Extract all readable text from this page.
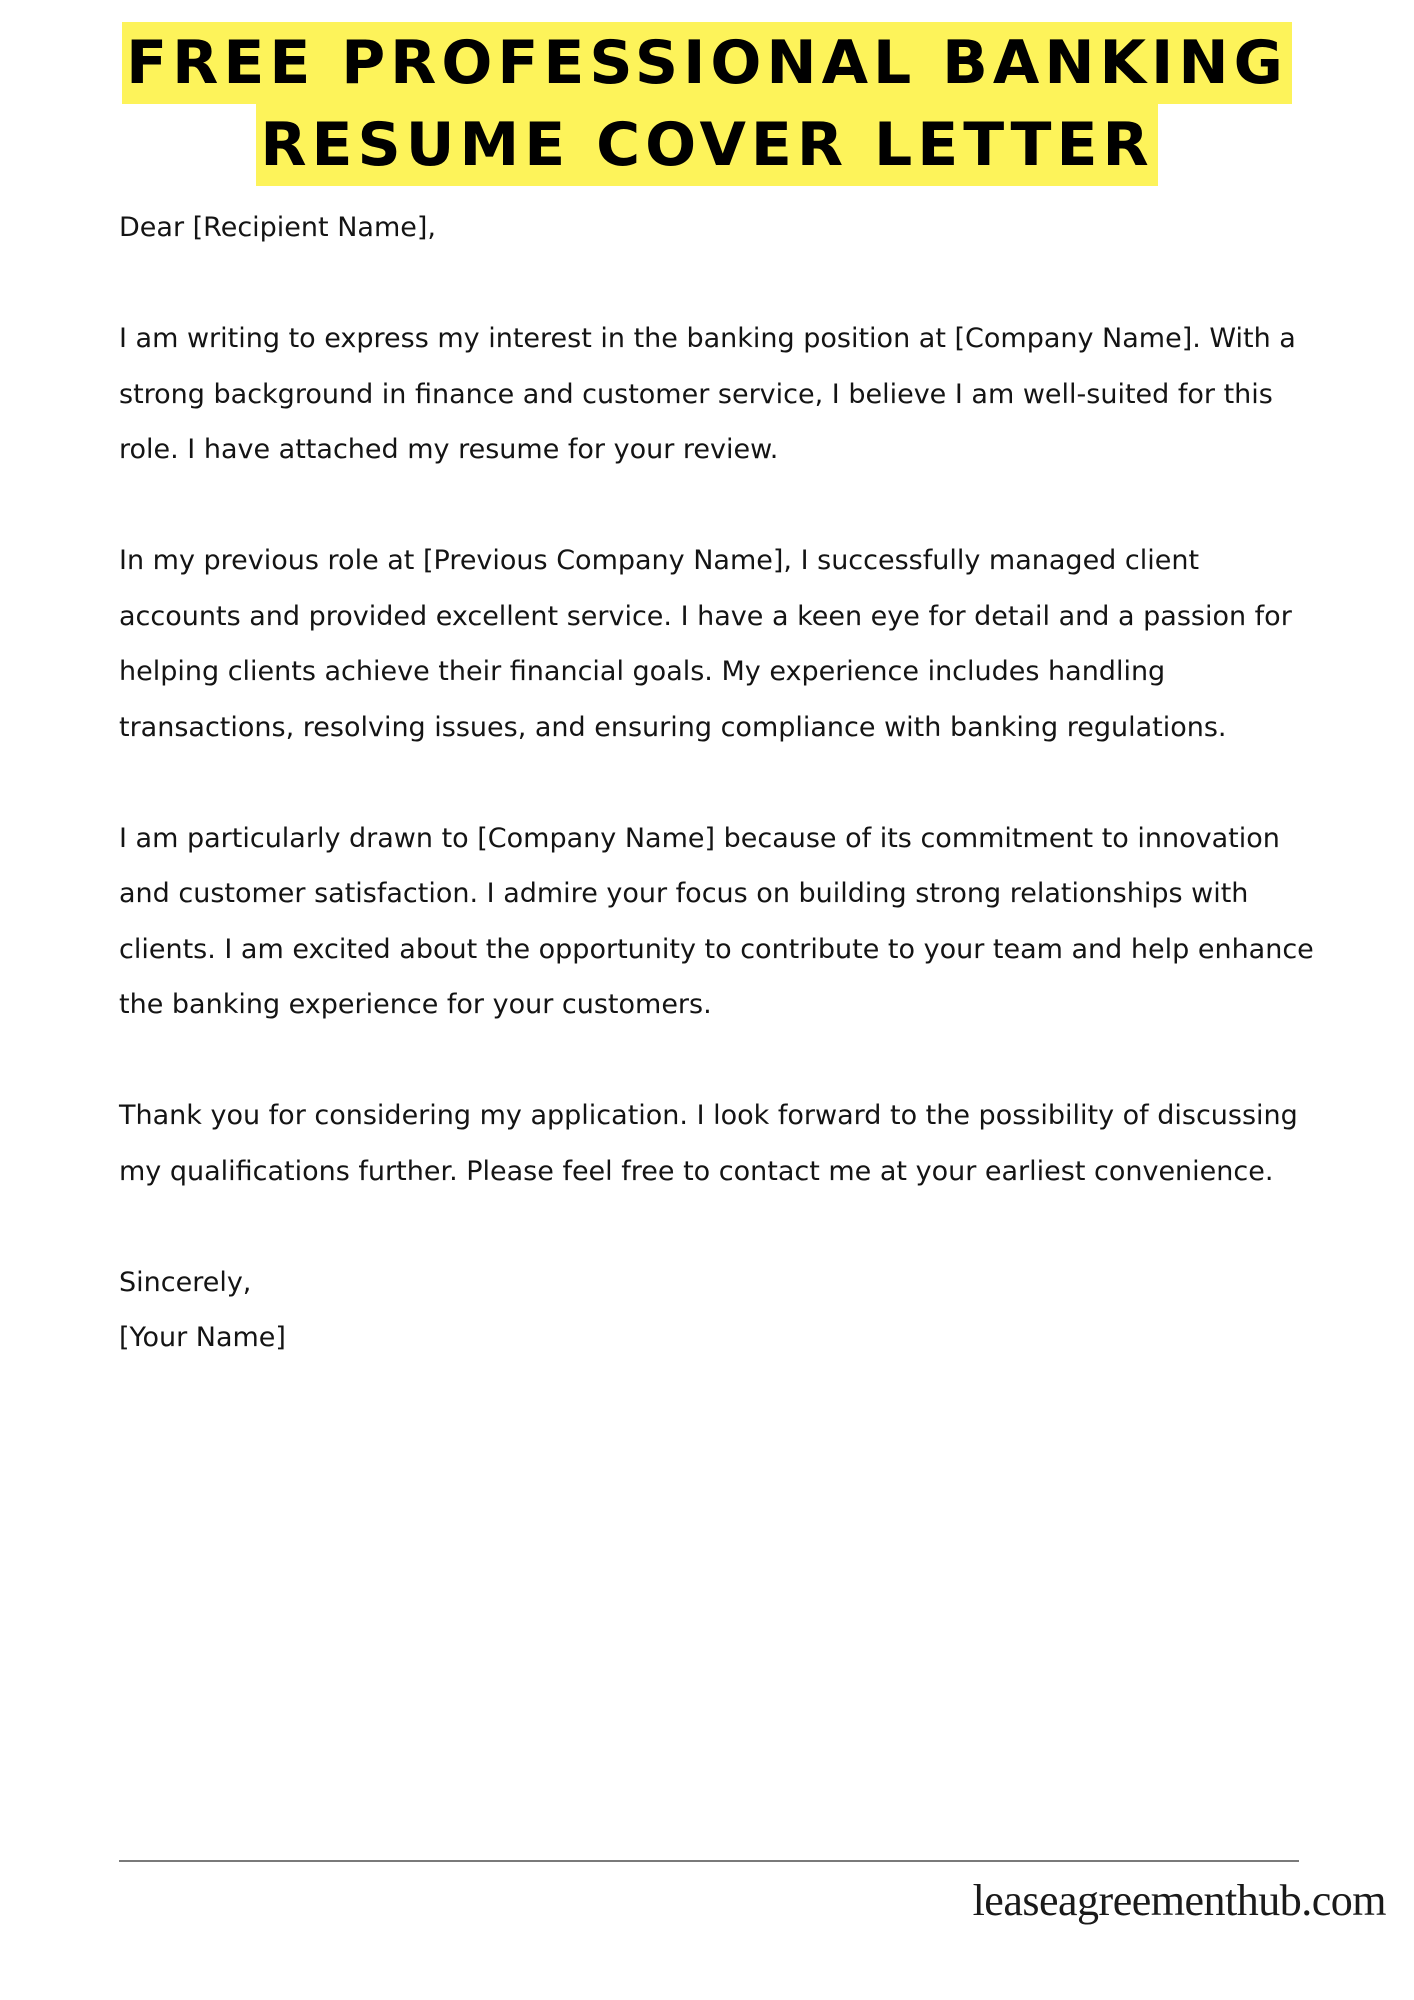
FREE PROFESSIONAL BANKING
RESUME COVER LETTER

Dear [Recipient Name],

I am writing to express my interest in the banking position at [Company Name]. With a strong background in finance and customer service, I believe I am well-suited for this role. I have attached my resume for your review.

In my previous role at [Previous Company Name], I successfully managed client accounts and provided excellent service. I have a keen eye for detail and a passion for helping clients achieve their financial goals. My experience includes handling transactions, resolving issues, and ensuring compliance with banking regulations.

I am particularly drawn to [Company Name] because of its commitment to innovation and customer satisfaction. I admire your focus on building strong relationships with clients. I am excited about the opportunity to contribute to your team and help enhance the banking experience for your customers.

Thank you for considering my application. I look forward to the possibility of discussing my qualifications further. Please feel free to contact me at your earliest convenience.

Sincerely,

[Your Name]

leaseagreementhub.com
